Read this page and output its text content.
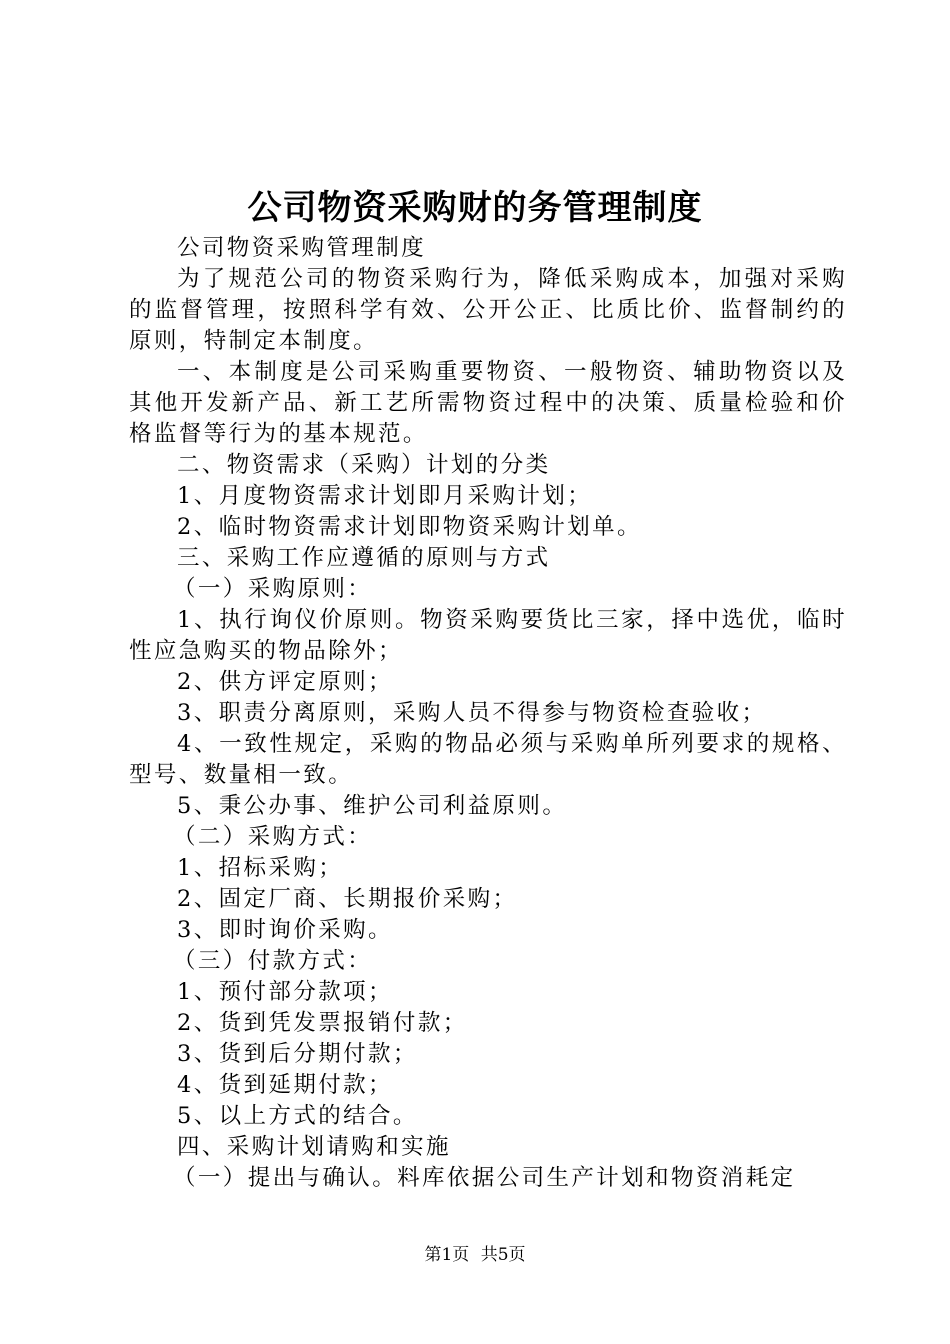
公司物资采购财的务管理制度

公司物资采购管理制度

为了规范公司的物资采购行为，降低采购成本，加强对采购的监督管理，按照科学有效、公开公正、比质比价、监督制约的原则，特制定本制度。

一、本制度是公司采购重要物资、一般物资、辅助物资以及其他开发新产品、新工艺所需物资过程中的决策、质量检验和价格监督等行为的基本规范。

二、物资需求（采购）计划的分类

1、月度物资需求计划即月采购计划；

2、临时物资需求计划即物资采购计划单。

三、采购工作应遵循的原则与方式

（一）采购原则：

1、执行询仪价原则。物资采购要货比三家，择中选优，临时性应急购买的物品除外；

2、供方评定原则；

3、职责分离原则，采购人员不得参与物资检查验收；

4、一致性规定，采购的物品必须与采购单所列要求的规格、型号、数量相一致。

5、秉公办事、维护公司利益原则。

（二）采购方式：

1、招标采购；

2、固定厂商、长期报价采购；

3、即时询价采购。

（三）付款方式：

1、预付部分款项；

2、货到凭发票报销付款；

3、货到后分期付款；

4、货到延期付款；

5、以上方式的结合。

四、采购计划请购和实施

（一）提出与确认。料库依据公司生产计划和物资消耗定

第1页 共5页
